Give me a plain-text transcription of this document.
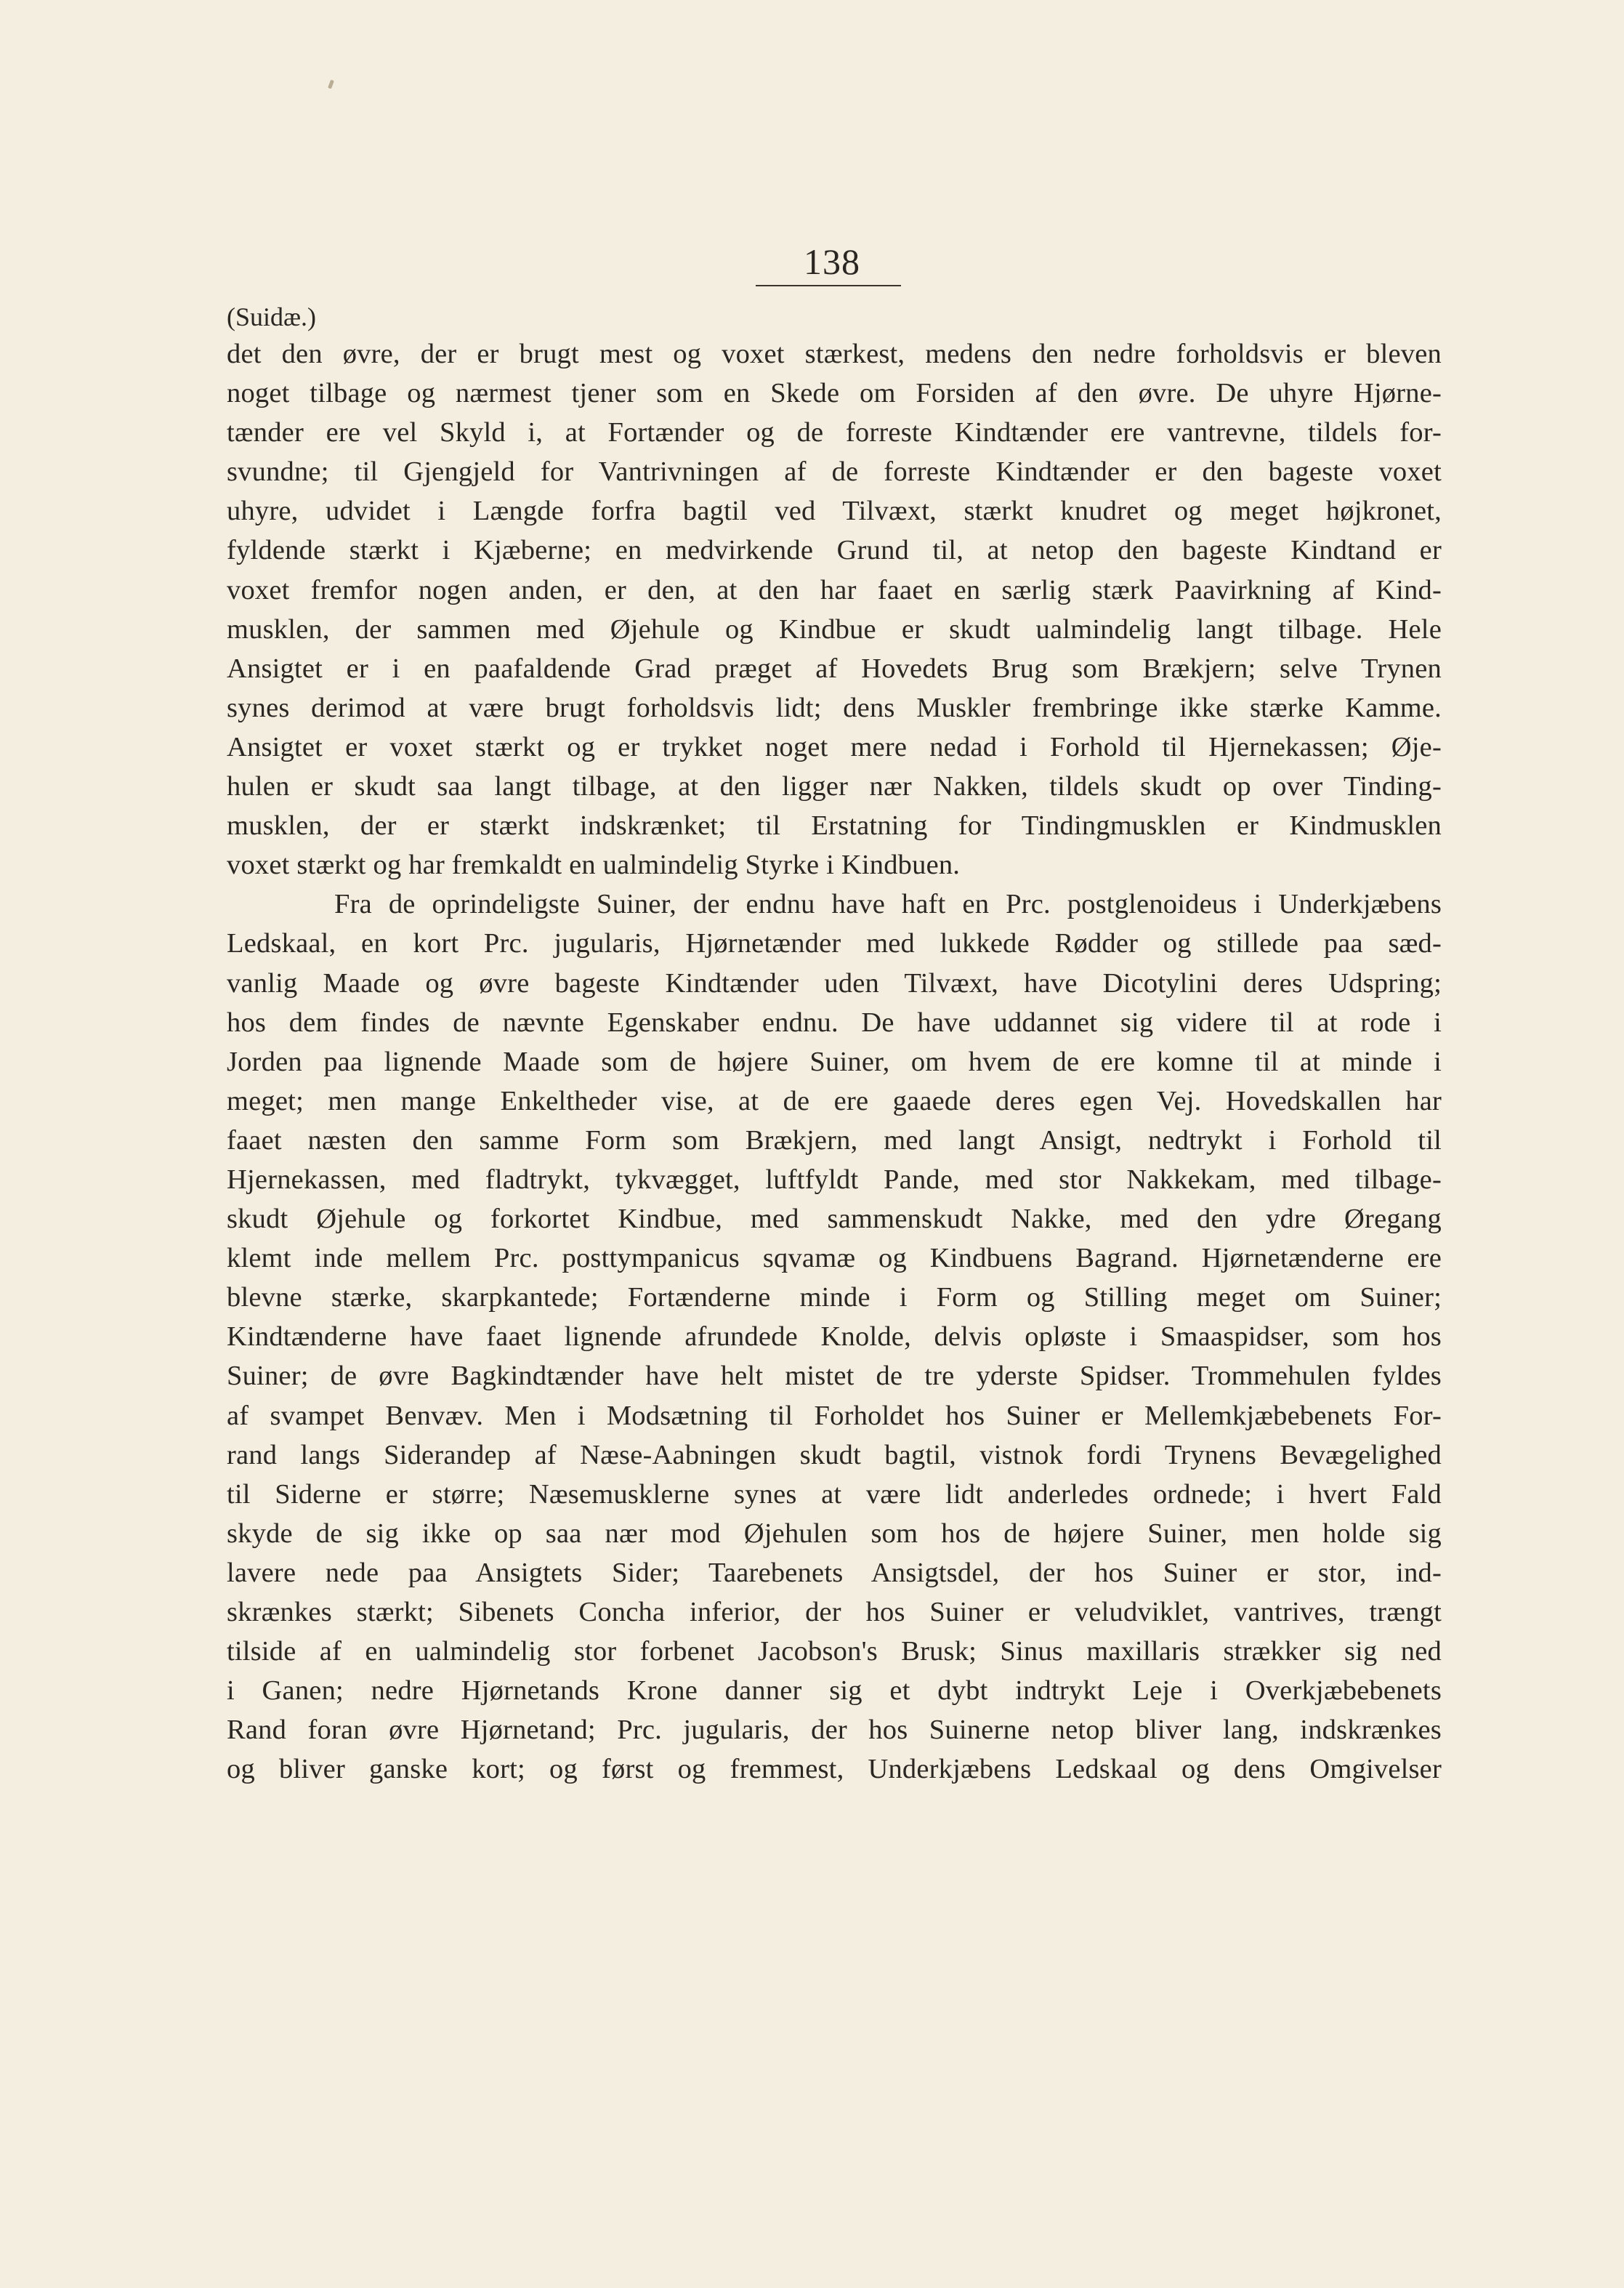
138
(Suidæ.)
det den øvre, der er brugt mest og voxet stærkest, medens den nedre forholdsvis er bleven
noget tilbage og nærmest tjener som en Skede om Forsiden af den øvre. De uhyre Hjørne-
tænder ere vel Skyld i, at Fortænder og de forreste Kindtænder ere vantrevne, tildels for-
svundne; til Gjengjeld for Vantrivningen af de forreste Kindtænder er den bageste voxet
uhyre, udvidet i Længde forfra bagtil ved Tilvæxt, stærkt knudret og meget højkronet,
fyldende stærkt i Kjæberne; en medvirkende Grund til, at netop den bageste Kindtand er
voxet fremfor nogen anden, er den, at den har faaet en særlig stærk Paavirkning af Kind-
musklen, der sammen med Øjehule og Kindbue er skudt ualmindelig langt tilbage. Hele
Ansigtet er i en paafaldende Grad præget af Hovedets Brug som Brækjern; selve Trynen
synes derimod at være brugt forholdsvis lidt; dens Muskler frembringe ikke stærke Kamme.
Ansigtet er voxet stærkt og er trykket noget mere nedad i Forhold til Hjernekassen; Øje-
hulen er skudt saa langt tilbage, at den ligger nær Nakken, tildels skudt op over Tinding-
musklen, der er stærkt indskrænket; til Erstatning for Tindingmusklen er Kindmusklen
voxet stærkt og har fremkaldt en ualmindelig Styrke i Kindbuen.
Fra de oprindeligste Suiner, der endnu have haft en Prc. postglenoideus i Underkjæbens
Ledskaal, en kort Prc. jugularis, Hjørnetænder med lukkede Rødder og stillede paa sæd-
vanlig Maade og øvre bageste Kindtænder uden Tilvæxt, have Dicotylini deres Udspring;
hos dem findes de nævnte Egenskaber endnu. De have uddannet sig videre til at rode i
Jorden paa lignende Maade som de højere Suiner, om hvem de ere komne til at minde i
meget; men mange Enkeltheder vise, at de ere gaaede deres egen Vej. Hovedskallen har
faaet næsten den samme Form som Brækjern, med langt Ansigt, nedtrykt i Forhold til
Hjernekassen, med fladtrykt, tykvægget, luftfyldt Pande, med stor Nakkekam, med tilbage-
skudt Øjehule og forkortet Kindbue, med sammenskudt Nakke, med den ydre Øregang
klemt inde mellem Prc. posttympanicus sqvamæ og Kindbuens Bagrand. Hjørnetænderne ere
blevne stærke, skarpkantede; Fortænderne minde i Form og Stilling meget om Suiner;
Kindtænderne have faaet lignende afrundede Knolde, delvis opløste i Smaaspidser, som hos
Suiner; de øvre Bagkindtænder have helt mistet de tre yderste Spidser. Trommehulen fyldes
af svampet Benvæv. Men i Modsætning til Forholdet hos Suiner er Mellemkjæbebenets For-
rand langs Siderandep af Næse-Aabningen skudt bagtil, vistnok fordi Trynens Bevægelighed
til Siderne er større; Næsemusklerne synes at være lidt anderledes ordnede; i hvert Fald
skyde de sig ikke op saa nær mod Øjehulen som hos de højere Suiner, men holde sig
lavere nede paa Ansigtets Sider; Taarebenets Ansigtsdel, der hos Suiner er stor, ind-
skrænkes stærkt; Sibenets Concha inferior, der hos Suiner er veludviklet, vantrives, trængt
tilside af en ualmindelig stor forbenet Jacobson's Brusk; Sinus maxillaris strækker sig ned
i Ganen; nedre Hjørnetands Krone danner sig et dybt indtrykt Leje i Overkjæbebenets
Rand foran øvre Hjørnetand; Prc. jugularis, der hos Suinerne netop bliver lang, indskrænkes
og bliver ganske kort; og først og fremmest, Underkjæbens Ledskaal og dens Omgivelser
